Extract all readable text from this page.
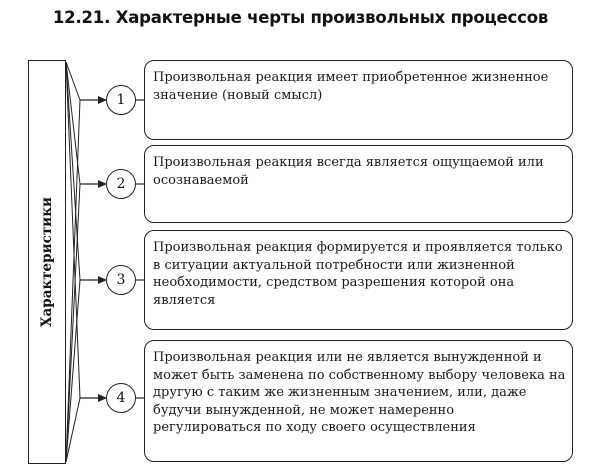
12.21. Характерные черты произвольных процессов
Характеристики
1
2
3
4
Произвольная реакция имеет приобретенное жизненное значение (новый смысл)
Произвольная реакция всегда является ощущаемой или осознаваемой
Произвольная реакция формируется и проявляется только в ситуации актуальной потребности или жизненной необходимости, средством разрешения которой она является
Произвольная реакция или не является вынужденной и может быть заменена по собственному выбору человека на другую с таким же жизненным значением, или, даже будучи вынужденной, не может намеренно регулироваться по ходу своего осуществления
